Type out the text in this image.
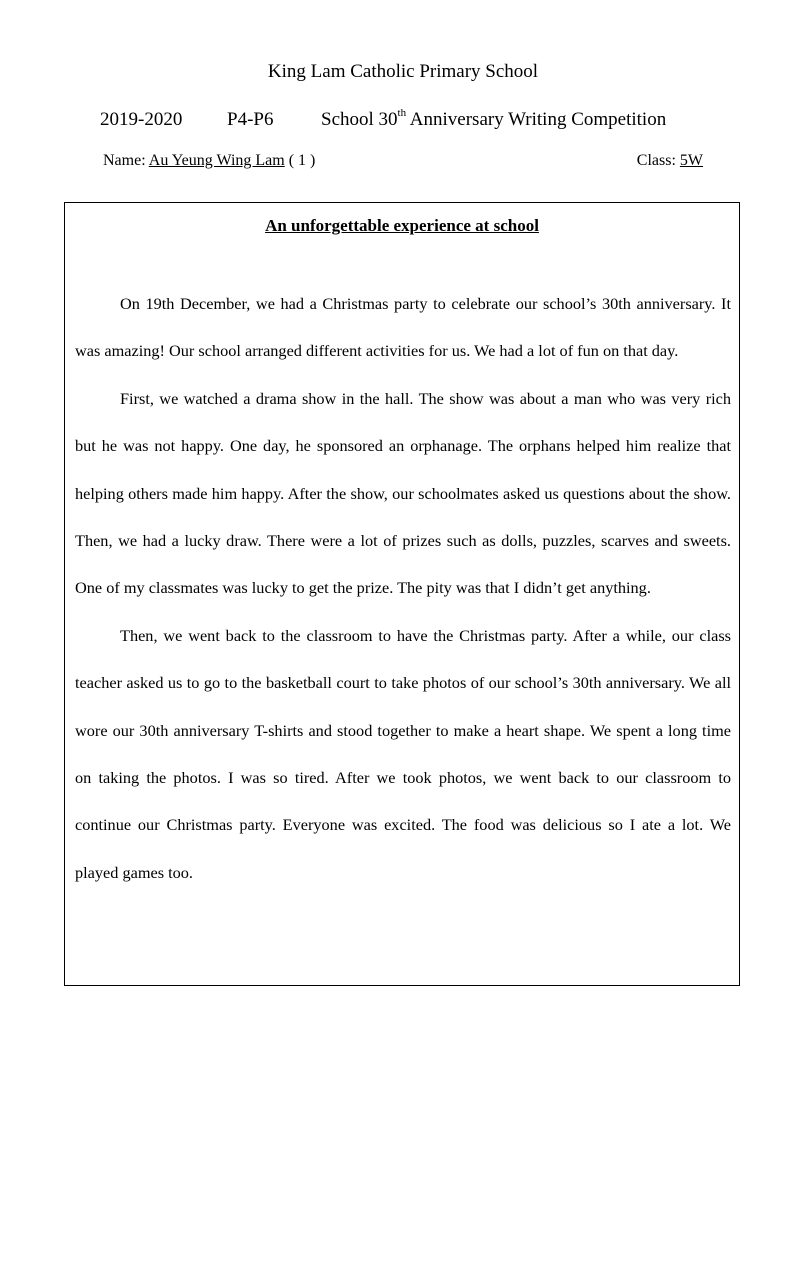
King Lam Catholic Primary School
2019-2020 P4-P6	School 30th Anniversary Writing Competition
Name: Au Yeung Wing Lam ( 1 )	Class: 5W
An unforgettable experience at school

On 19th December, we had a Christmas party to celebrate our school’s 30th anniversary. It was amazing! Our school arranged different activities for us. We had a lot of fun on that day.

First, we watched a drama show in the hall. The show was about a man who was very rich but he was not happy. One day, he sponsored an orphanage. The orphans helped him realize that helping others made him happy. After the show, our schoolmates asked us questions about the show. Then, we had a lucky draw. There were a lot of prizes such as dolls, puzzles, scarves and sweets. One of my classmates was lucky to get the prize. The pity was that I didn’t get anything.

Then, we went back to the classroom to have the Christmas party. After a while, our class teacher asked us to go to the basketball court to take photos of our school’s 30th anniversary. We all wore our 30th anniversary T-shirts and stood together to make a heart shape. We spent a long time on taking the photos. I was so tired. After we took photos, we went back to our classroom to continue our Christmas party. Everyone was excited. The food was delicious so I ate a lot. We played games too.
